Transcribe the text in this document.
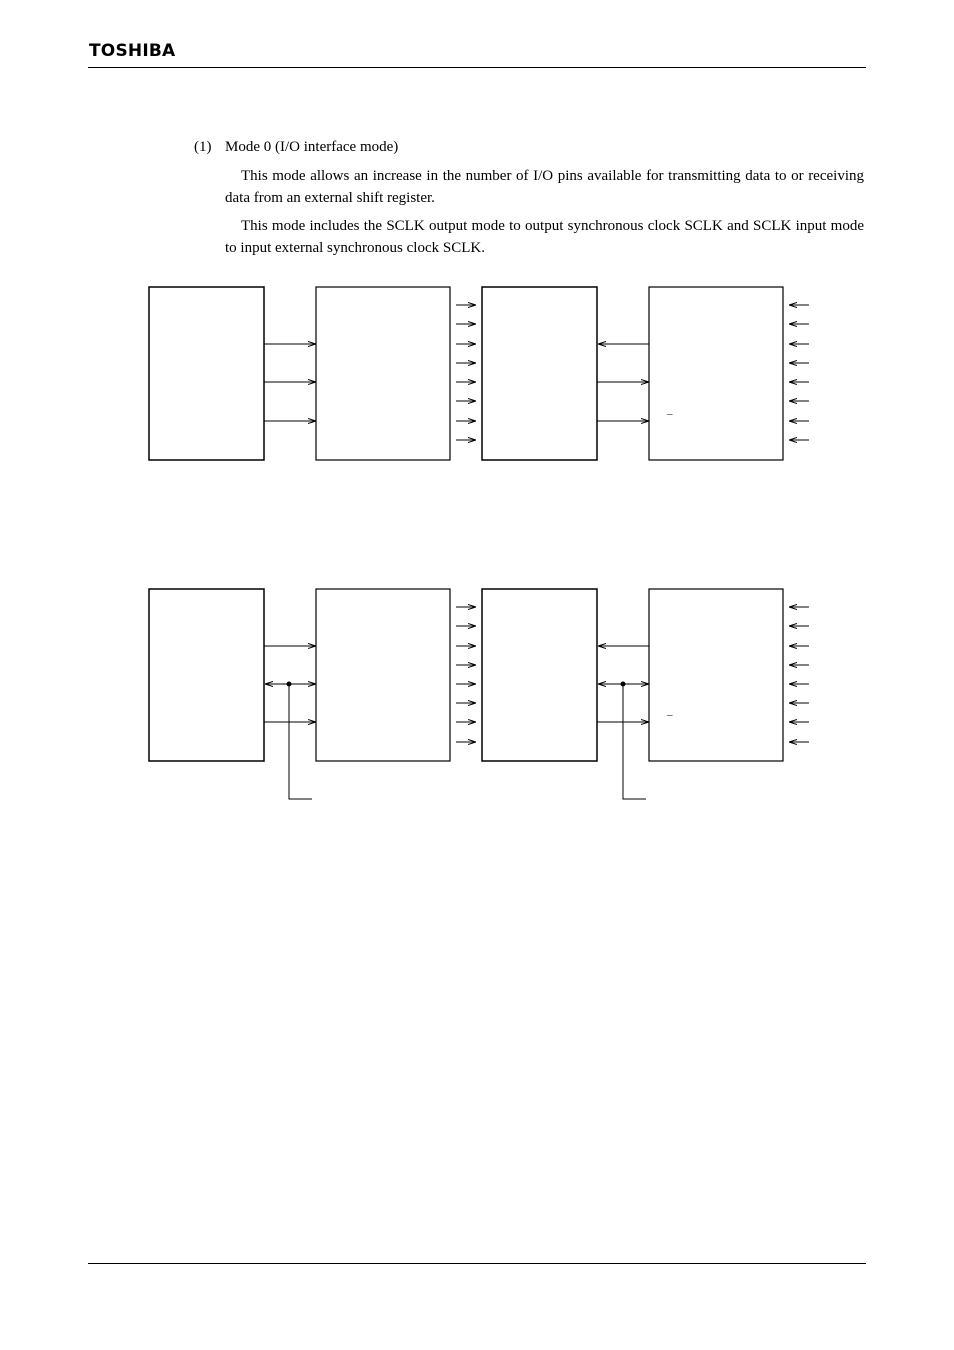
TOSHIBA
(1) Mode 0 (I/O interface mode)

This mode allows an increase in the number of I/O pins available for transmitting data to or receiving data from an external shift register.

This mode includes the SCLK output mode to output synchronous clock SCLK and SCLK input mode to input external synchronous clock SCLK.

–
–
